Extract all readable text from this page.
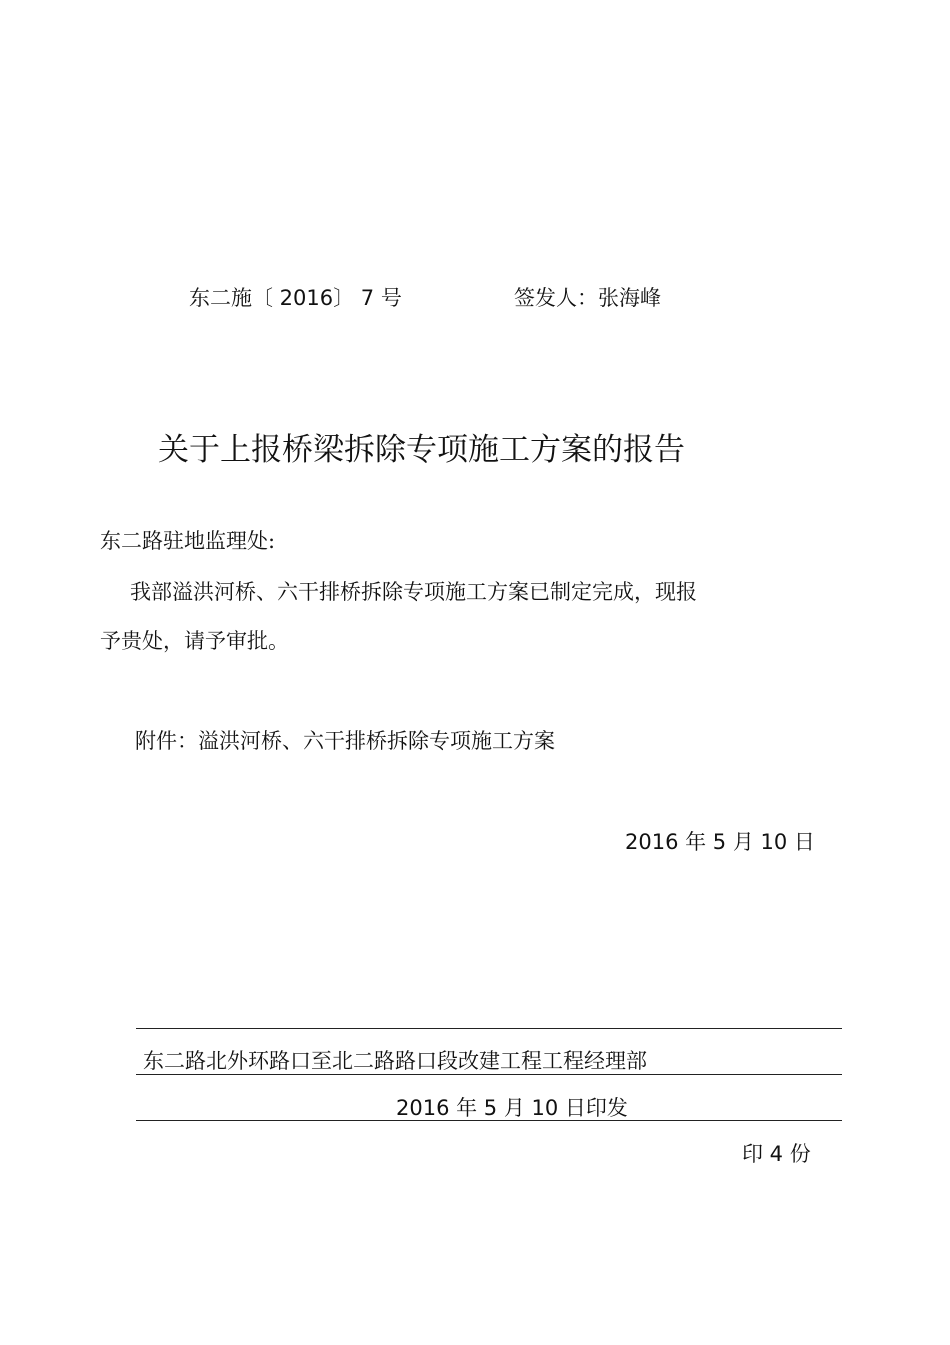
东二施〔 2016〕 7 号	签发人：张海峰
关于上报桥梁拆除专项施工方案的报告
东二路驻地监理处:
我部溢洪河桥、六干排桥拆除专项施工方案已制定完成，现报
予贵处，请予审批。
附件：溢洪河桥、六干排桥拆除专项施工方案
2016 年 5 月 10 日
东二路北外环路口至北二路路口段改建工程工程经理部
2016 年 5 月 10 日印发
印 4 份
